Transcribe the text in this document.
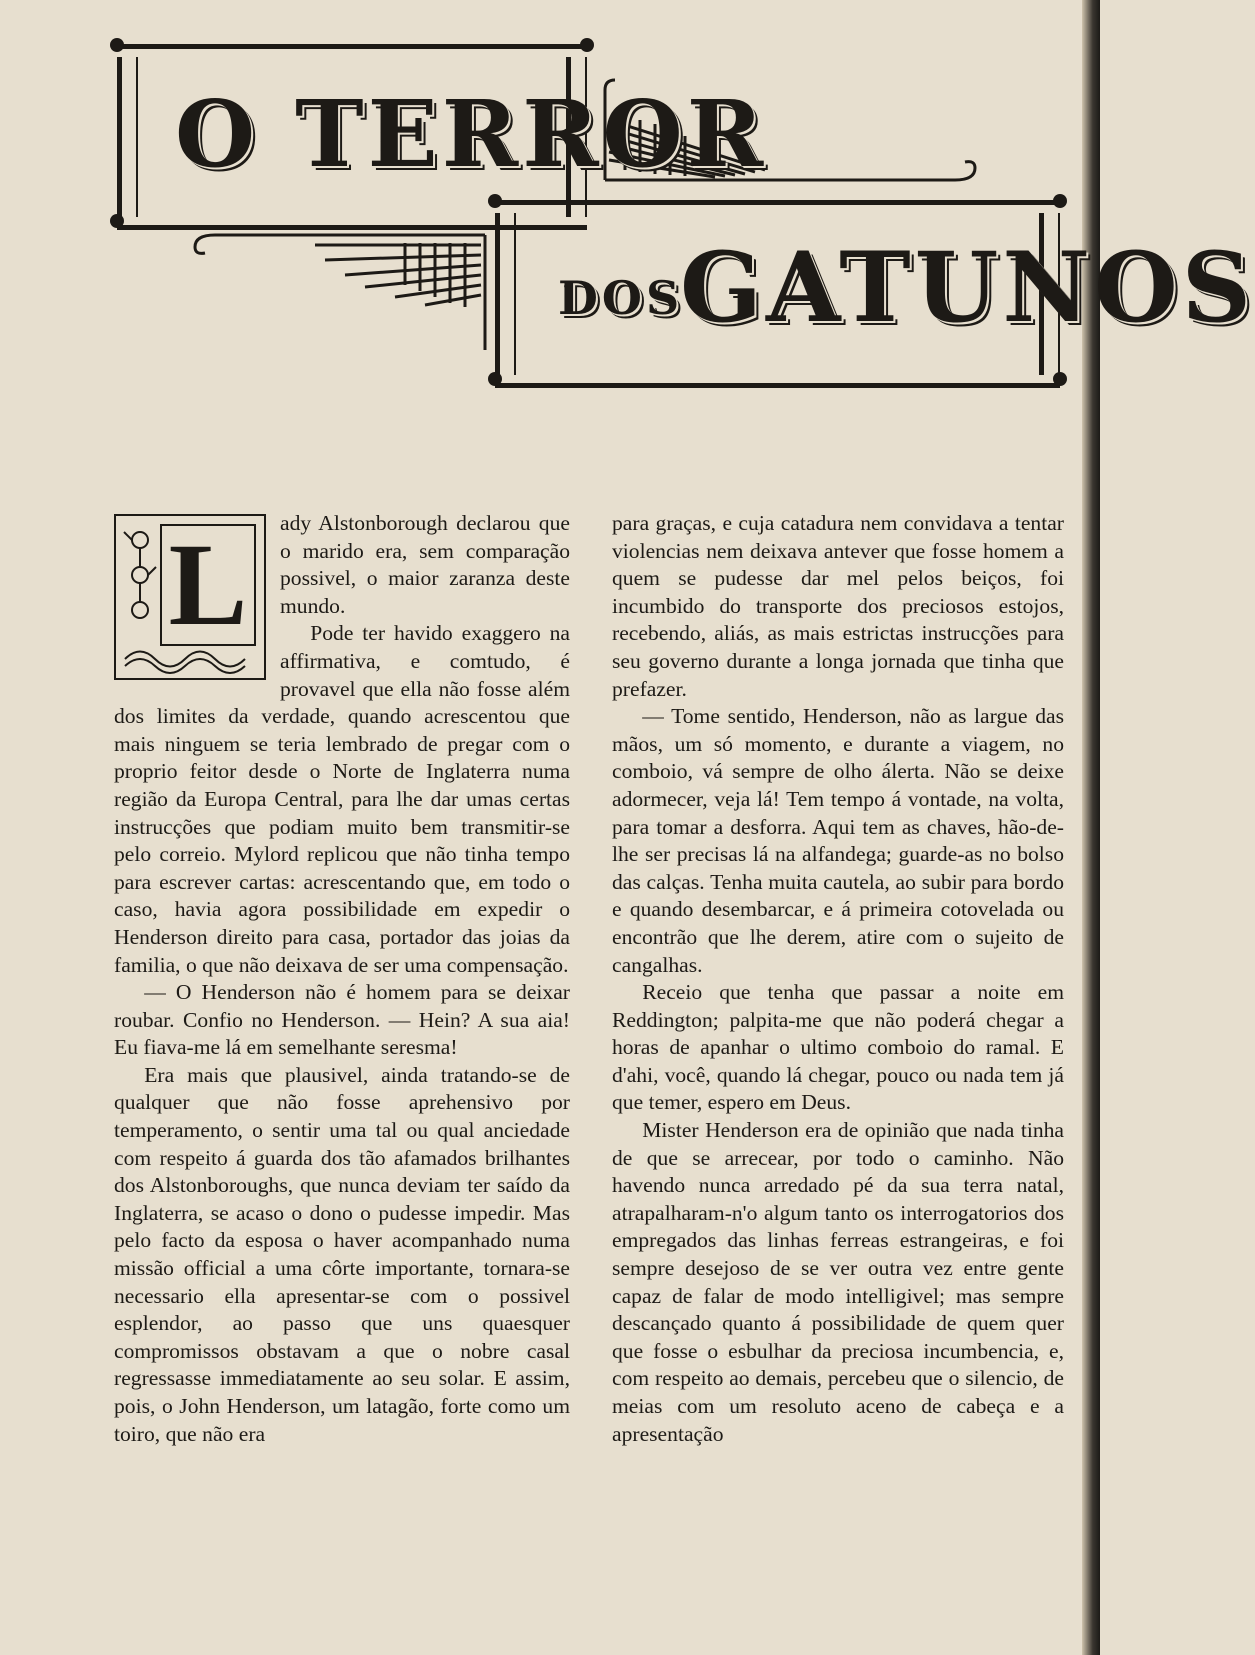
O TERROR
DOS
GATUNOS
L	ady Alstonborough declarou que o marido era, sem comparação possivel, o maior zaranza deste mundo.

Pode ter havido exaggero na affirmativa, e comtudo, é provavel que ella não fosse além dos limites da verdade, quando acrescentou que mais ninguem se teria lembrado de pregar com o proprio feitor desde o Norte de Inglaterra numa região da Europa Central, para lhe dar umas certas instrucções que podiam muito bem transmitir-se pelo correio. Mylord replicou que não tinha tempo para escrever cartas: acrescentando que, em todo o caso, havia agora possibilidade em expedir o Henderson direito para casa, portador das joias da familia, o que não deixava de ser uma compensação.

— O Henderson não é homem para se deixar roubar. Confio no Henderson. — Hein? A sua aia! Eu fiava-me lá em semelhante seresma!

Era mais que plausivel, ainda tratando-se de qualquer que não fosse aprehensivo por temperamento, o sentir uma tal ou qual anciedade com respeito á guarda dos tão afamados brilhantes dos Alstonboroughs, que nunca deviam ter saído da Inglaterra, se acaso o dono o pudesse impedir. Mas pelo facto da esposa o haver acompanhado numa missão official a uma côrte importante, tornara-se necessario ella apresentar-se com o possivel esplendor, ao passo que uns quaesquer compromissos obstavam a que o nobre casal regressasse immediatamente ao seu solar. E assim, pois, o John Henderson, um latagão, forte como um toiro, que não era

para graças, e cuja catadura nem convidava a tentar violencias nem deixava antever que fosse homem a quem se pudesse dar mel pelos beiços, foi incumbido do transporte dos preciosos estojos, recebendo, aliás, as mais estrictas instrucções para seu governo durante a longa jornada que tinha que prefazer.

— Tome sentido, Henderson, não as largue das mãos, um só momento, e durante a viagem, no comboio, vá sempre de olho álerta. Não se deixe adormecer, veja lá! Tem tempo á vontade, na volta, para tomar a desforra. Aqui tem as chaves, hão-de-lhe ser precisas lá na alfandega; guarde-as no bolso das calças. Tenha muita cautela, ao subir para bordo e quando desembarcar, e á primeira cotovelada ou encontrão que lhe derem, atire com o sujeito de cangalhas.

Receio que tenha que passar a noite em Reddington; palpita-me que não poderá chegar a horas de apanhar o ultimo comboio do ramal. E d'ahi, você, quando lá chegar, pouco ou nada tem já que temer, espero em Deus.

Mister Henderson era de opinião que nada tinha de que se arrecear, por todo o caminho. Não havendo nunca arredado pé da sua terra natal, atrapalharam-n'o algum tanto os interrogatorios dos empregados das linhas ferreas estrangeiras, e foi sempre desejoso de se ver outra vez entre gente capaz de falar de modo intelligivel; mas sempre descançado quanto á possibilidade de quem quer que fosse o esbulhar da preciosa incumbencia, e, com respeito ao demais, percebeu que o silencio, de meias com um resoluto aceno de cabeça e a apresentação
